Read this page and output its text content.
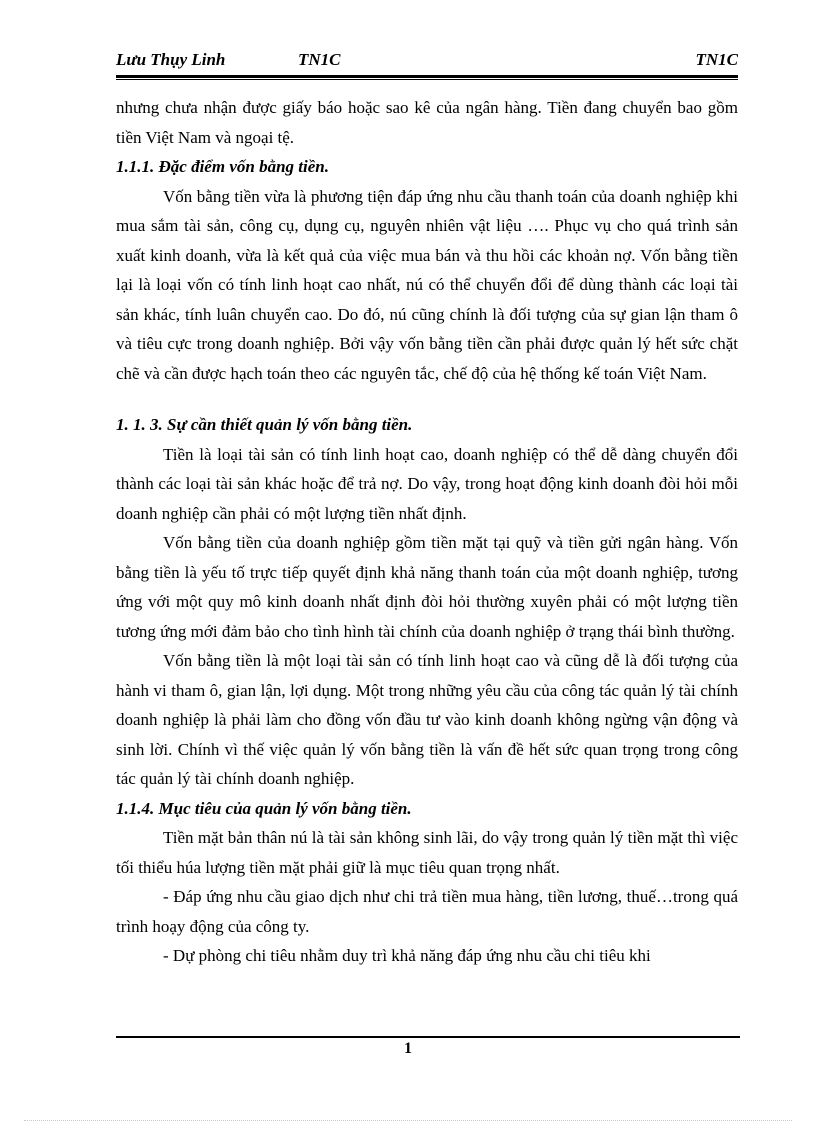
Lưu Thụy Linh	TN1C	TN1C

nhưng chưa nhận được giấy báo hoặc sao kê của ngân hàng. Tiền đang chuyển bao gồm tiền Việt Nam và ngoại tệ.

1.1.1. Đặc điểm vốn bằng tiền.

Vốn bằng tiền vừa là phương tiện đáp ứng nhu cầu thanh toán của doanh nghiệp khi mua sắm tài sản, công cụ, dụng cụ, nguyên nhiên vật liệu …. Phục vụ cho quá trình sản xuất kinh doanh, vừa là kết quả của việc mua bán và thu hồi các khoản nợ. Vốn bằng tiền lại là loại vốn có tính linh hoạt cao nhất, nú có thể chuyển đổi để dùng thành các loại tài sản khác, tính luân chuyển cao. Do đó, nú cũng chính là đối tượng của sự gian lận tham ô và tiêu cực trong doanh nghiệp. Bởi vậy vốn bằng tiền cần phải được quản lý hết sức chặt chẽ và cần được hạch toán theo các nguyên tắc, chế độ của hệ thống kế toán Việt Nam.

1. 1. 3. Sự cần thiết quản lý vốn bằng tiền.

Tiền là loại tài sản có tính linh hoạt cao, doanh nghiệp có thể dễ dàng chuyển đổi thành các loại tài sản khác hoặc để trả nợ. Do vậy, trong hoạt động kinh doanh đòi hỏi mỗi doanh nghiệp cần phải có một lượng tiền nhất định.

Vốn bằng tiền của doanh nghiệp gồm tiền mặt tại quỹ và tiền gửi ngân hàng. Vốn bằng tiền là yếu tố trực tiếp quyết định khả năng thanh toán của một doanh nghiệp, tương ứng với một quy mô kinh doanh nhất định đòi hỏi thường xuyên phải có một lượng tiền tương ứng mới đảm bảo cho tình hình tài chính của doanh nghiệp ở trạng thái bình thường.

Vốn bằng tiền là một loại tài sản có tính linh hoạt cao và cũng dễ là đối tượng của hành vi tham ô, gian lận, lợi dụng. Một trong những yêu cầu của công tác quản lý tài chính doanh nghiệp là phải làm cho đồng vốn đầu tư vào kinh doanh không ngừng vận động và sinh lời. Chính vì thế việc quản lý vốn bằng tiền là vấn đề hết sức quan trọng trong công tác quản lý tài chính doanh nghiệp.

1.1.4. Mục tiêu của quản lý vốn bằng tiền.

Tiền mặt bản thân nú là tài sản không sinh lãi, do vậy trong quản lý tiền mặt thì việc tối thiểu húa lượng tiền mặt phải giữ là mục tiêu quan trọng nhất.

- Đáp ứng nhu cầu giao dịch như chi trả tiền mua hàng, tiền lương, thuế…trong quá trình hoạy động của công ty.

- Dự phòng chi tiêu nhằm duy trì khả năng đáp ứng nhu cầu chi tiêu khi

1
